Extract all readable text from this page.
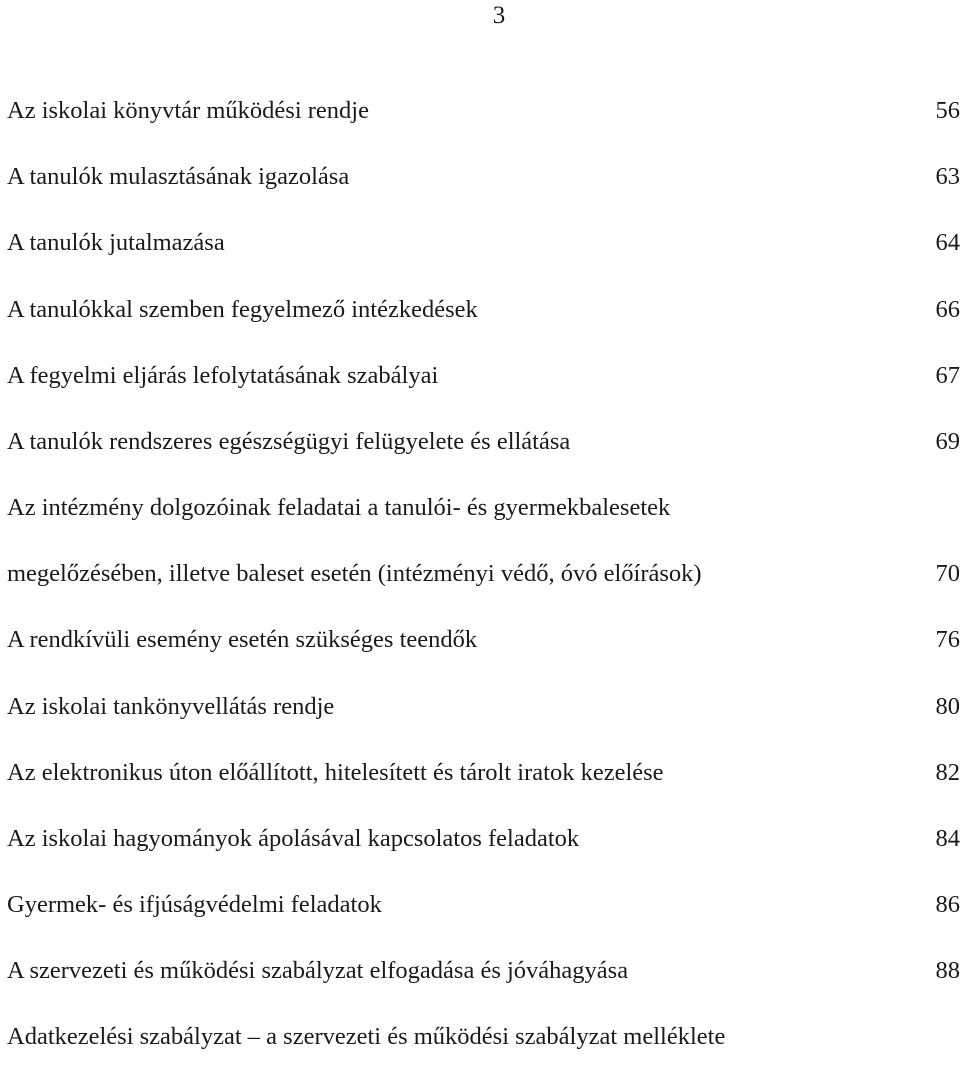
3
Az iskolai könyvtár működési rendje	56
A tanulók mulasztásának igazolása	63
A tanulók jutalmazása	64
A tanulókkal szemben fegyelmező intézkedések	66
A fegyelmi eljárás lefolytatásának szabályai	67
A tanulók rendszeres egészségügyi felügyelete és ellátása	69
Az intézmény dolgozóinak feladatai a tanulói- és gyermekbalesetek
megelőzésében, illetve baleset esetén (intézményi védő, óvó előírások)	70
A rendkívüli esemény esetén szükséges teendők	76
Az iskolai tankönyvellátás rendje	80
Az elektronikus úton előállított, hitelesített és tárolt iratok kezelése	82
Az iskolai hagyományok ápolásával kapcsolatos feladatok	84
Gyermek- és ifjúságvédelmi feladatok	86
A szervezeti és működési szabályzat elfogadása és jóváhagyása	88
Adatkezelési szabályzat – a szervezeti és működési szabályzat melléklete
